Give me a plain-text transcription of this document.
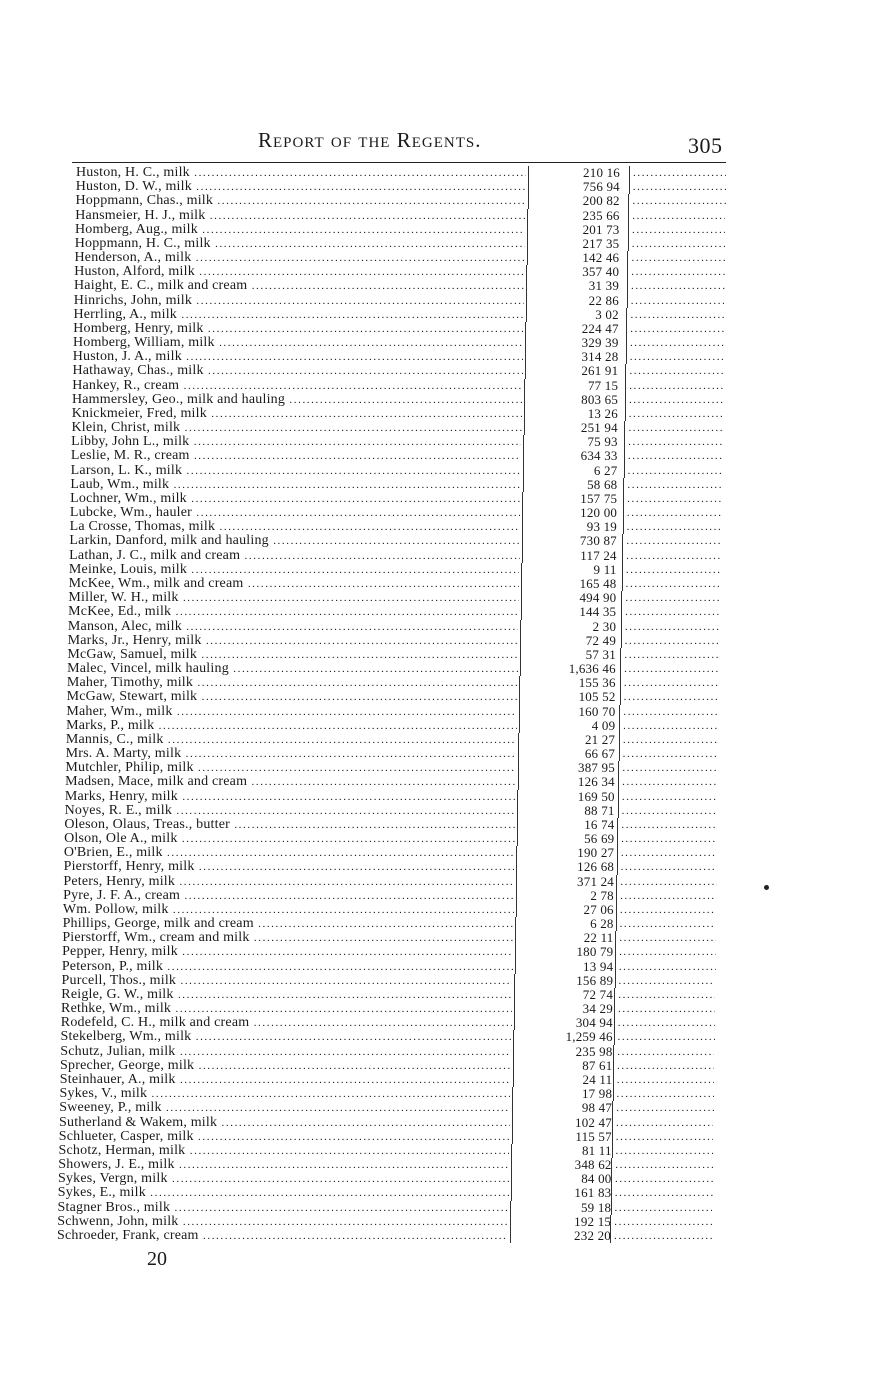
Report of the Regents.	305
Huston, H. C., milk .....	210 16
.....
Huston, D. W., milk .....	756 94
.....
Hoppmann, Chas., milk .....	200 82
.....
Hansmeier, H. J., milk .....	235 66
.....
Homberg, Aug., milk .....	201 73
.....
Hoppmann, H. C., milk .....	217 35
.....
Henderson, A., milk .....	142 46
.....
Huston, Alford, milk .....	357 40
.....
Haight, E. C., milk and cream .....	31 39
.....
Hinrichs, John, milk .....	22 86
.....
Herrling, A., milk .....	3 02
.....
Homberg, Henry, milk .....	224 47
.....
Homberg, William, milk .....	329 39
.....
Huston, J. A., milk .....	314 28
.....
Hathaway, Chas., milk .....	261 91
.....
Hankey, R., cream .....	77 15
.....
Hammersley, Geo., milk and hauling .....	803 65
.....
Knickmeier, Fred, milk .....	13 26
.....
Klein, Christ, milk .....	251 94
.....
Libby, John L., milk .....	75 93
.....
Leslie, M. R., cream .....	634 33
.....
Larson, L. K., milk .....	6 27
.....
Laub, Wm., milk .....	58 68
.....
Lochner, Wm., milk .....	157 75
.....
Lubcke, Wm., hauler .....	120 00
.....
La Crosse, Thomas, milk .....	93 19
.....
Larkin, Danford, milk and hauling .....	730 87
.....
Lathan, J. C., milk and cream .....	117 24
.....
Meinke, Louis, milk .....	9 11
.....
McKee, Wm., milk and cream .....	165 48
.....
Miller, W. H., milk .....	494 90
.....
McKee, Ed., milk .....	144 35
.....
Manson, Alec, milk .....	2 30
.....
Marks, Jr., Henry, milk .....	72 49
.....
McGaw, Samuel, milk .....	57 31
.....
Malec, Vincel, milk hauling .....	1,636 46
.....
Maher, Timothy, milk .....	155 36
.....
McGaw, Stewart, milk .....	105 52
.....
Maher, Wm., milk .....	160 70
.....
Marks, P., milk .....	4 09
.....
Mannis, C., milk .....	21 27
.....
Mrs. A. Marty, milk .....	66 67
.....
Mutchler, Philip, milk .....	387 95
.....
Madsen, Mace, milk and cream .....	126 34
.....
Marks, Henry, milk .....	169 50
.....
Noyes, R. E., milk .....	88 71
.....
Oleson, Olaus, Treas., butter .....	16 74
.....
Olson, Ole A., milk .....	56 69
.....
O'Brien, E., milk .....	190 27
.....
Pierstorff, Henry, milk .....	126 68
.....
Peters, Henry, milk .....	371 24
.....
Pyre, J. F. A., cream .....	2 78
.....
Wm. Pollow, milk .....	27 06
.....
Phillips, George, milk and cream .....	6 28
.....
Pierstorff, Wm., cream and milk .....	22 11
.....
Pepper, Henry, milk .....	180 79
.....
Peterson, P., milk .....	13 94
.....
Purcell, Thos., milk .....	156 89
.....
Reigle, G. W., milk .....	72 74
.....
Rethke, Wm., milk .....	34 29
.....
Rodefeld, C. H., milk and cream .....	304 94
.....
Stekelberg, Wm., milk .....	1,259 46
.....
Schutz, Julian, milk .....	235 98
.....
Sprecher, George, milk .....	87 61
.....
Steinhauer, A., milk .....	24 11
.....
Sykes, V., milk .....	17 98
.....
Sweeney, P., milk .....	98 47
.....
Sutherland & Wakem, milk .....	102 47
.....
Schlueter, Casper, milk .....	115 57
.....
Schotz, Herman, milk .....	81 11
.....
Showers, J. E., milk .....	348 62
.....
Sykes, Vergn, milk .....	84 00
.....
Sykes, E., milk .....	161 83
.....
Stagner Bros., milk .....	59 18
.....
Schwenn, John, milk .....	192 15
.....
Schroeder, Frank, cream .....	232 20
.....
20
